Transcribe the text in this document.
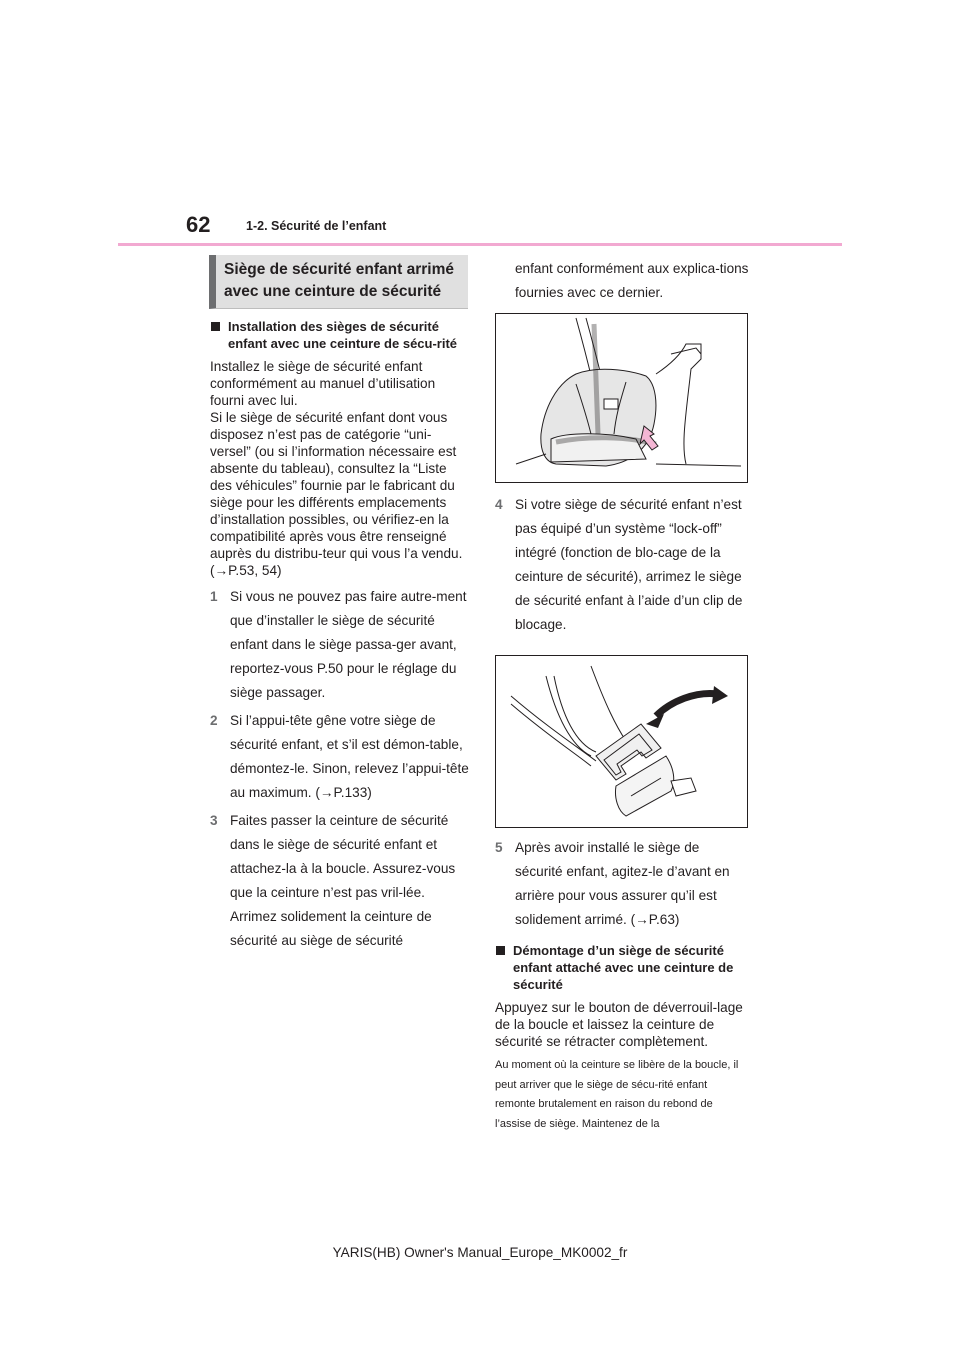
62	1-2. Sécurité de l’enfant
Siège de sécurité enfant arrimé avec une ceinture de sécurité
Installation des sièges de sécurité enfant avec une ceinture de sécu-rité

Installez le siège de sécurité enfant conformément au manuel d’utilisation fourni avec lui.

Si le siège de sécurité enfant dont vous disposez n’est pas de catégorie “uni-versel” (ou si l’information nécessaire est absente du tableau), consultez la “Liste des véhicules” fournie par le fabricant du siège pour les différents emplacements d’installation possibles, ou vérifiez-en la compatibilité après vous être renseigné auprès du distribu-teur qui vous l’a vendu. (→P.53, 54)

1 Si vous ne pouvez pas faire autre-ment que d’installer le siège de sécurité enfant dans le siège passa-ger avant, reportez-vous P.50 pour le réglage du siège passager.
2 Si l’appui-tête gêne votre siège de sécurité enfant, et s’il est démon-table, démontez-le. Sinon, relevez l’appui-tête au maximum. (→P.133)
3 Faites passer la ceinture de sécurité dans le siège de sécurité enfant et attachez-la à la boucle. Assurez-vous que la ceinture n’est pas vril-lée. Arrimez solidement la ceinture de sécurité au siège de sécurité
enfant conformément aux explica-tions fournies avec ce dernier.
4 Si votre siège de sécurité enfant n’est pas équipé d’un système “lock-off” intégré (fonction de blo-cage de la ceinture de sécurité), arrimez le siège de sécurité enfant à l’aide d’un clip de blocage.
5 Après avoir installé le siège de sécurité enfant, agitez-le d’avant en arrière pour vous assurer qu’il est solidement arrimé. (→P.63)
Démontage d’un siège de sécurité enfant attaché avec une ceinture de sécurité

Appuyez sur le bouton de déverrouil-lage de la boucle et laissez la ceinture de sécurité se rétracter complètement.

Au moment où la ceinture se libère de la boucle, il peut arriver que le siège de sécu-rité enfant remonte brutalement en raison du rebond de l’assise de siège. Maintenez de la

YARIS(HB) Owner's Manual_Europe_MK0002_fr
